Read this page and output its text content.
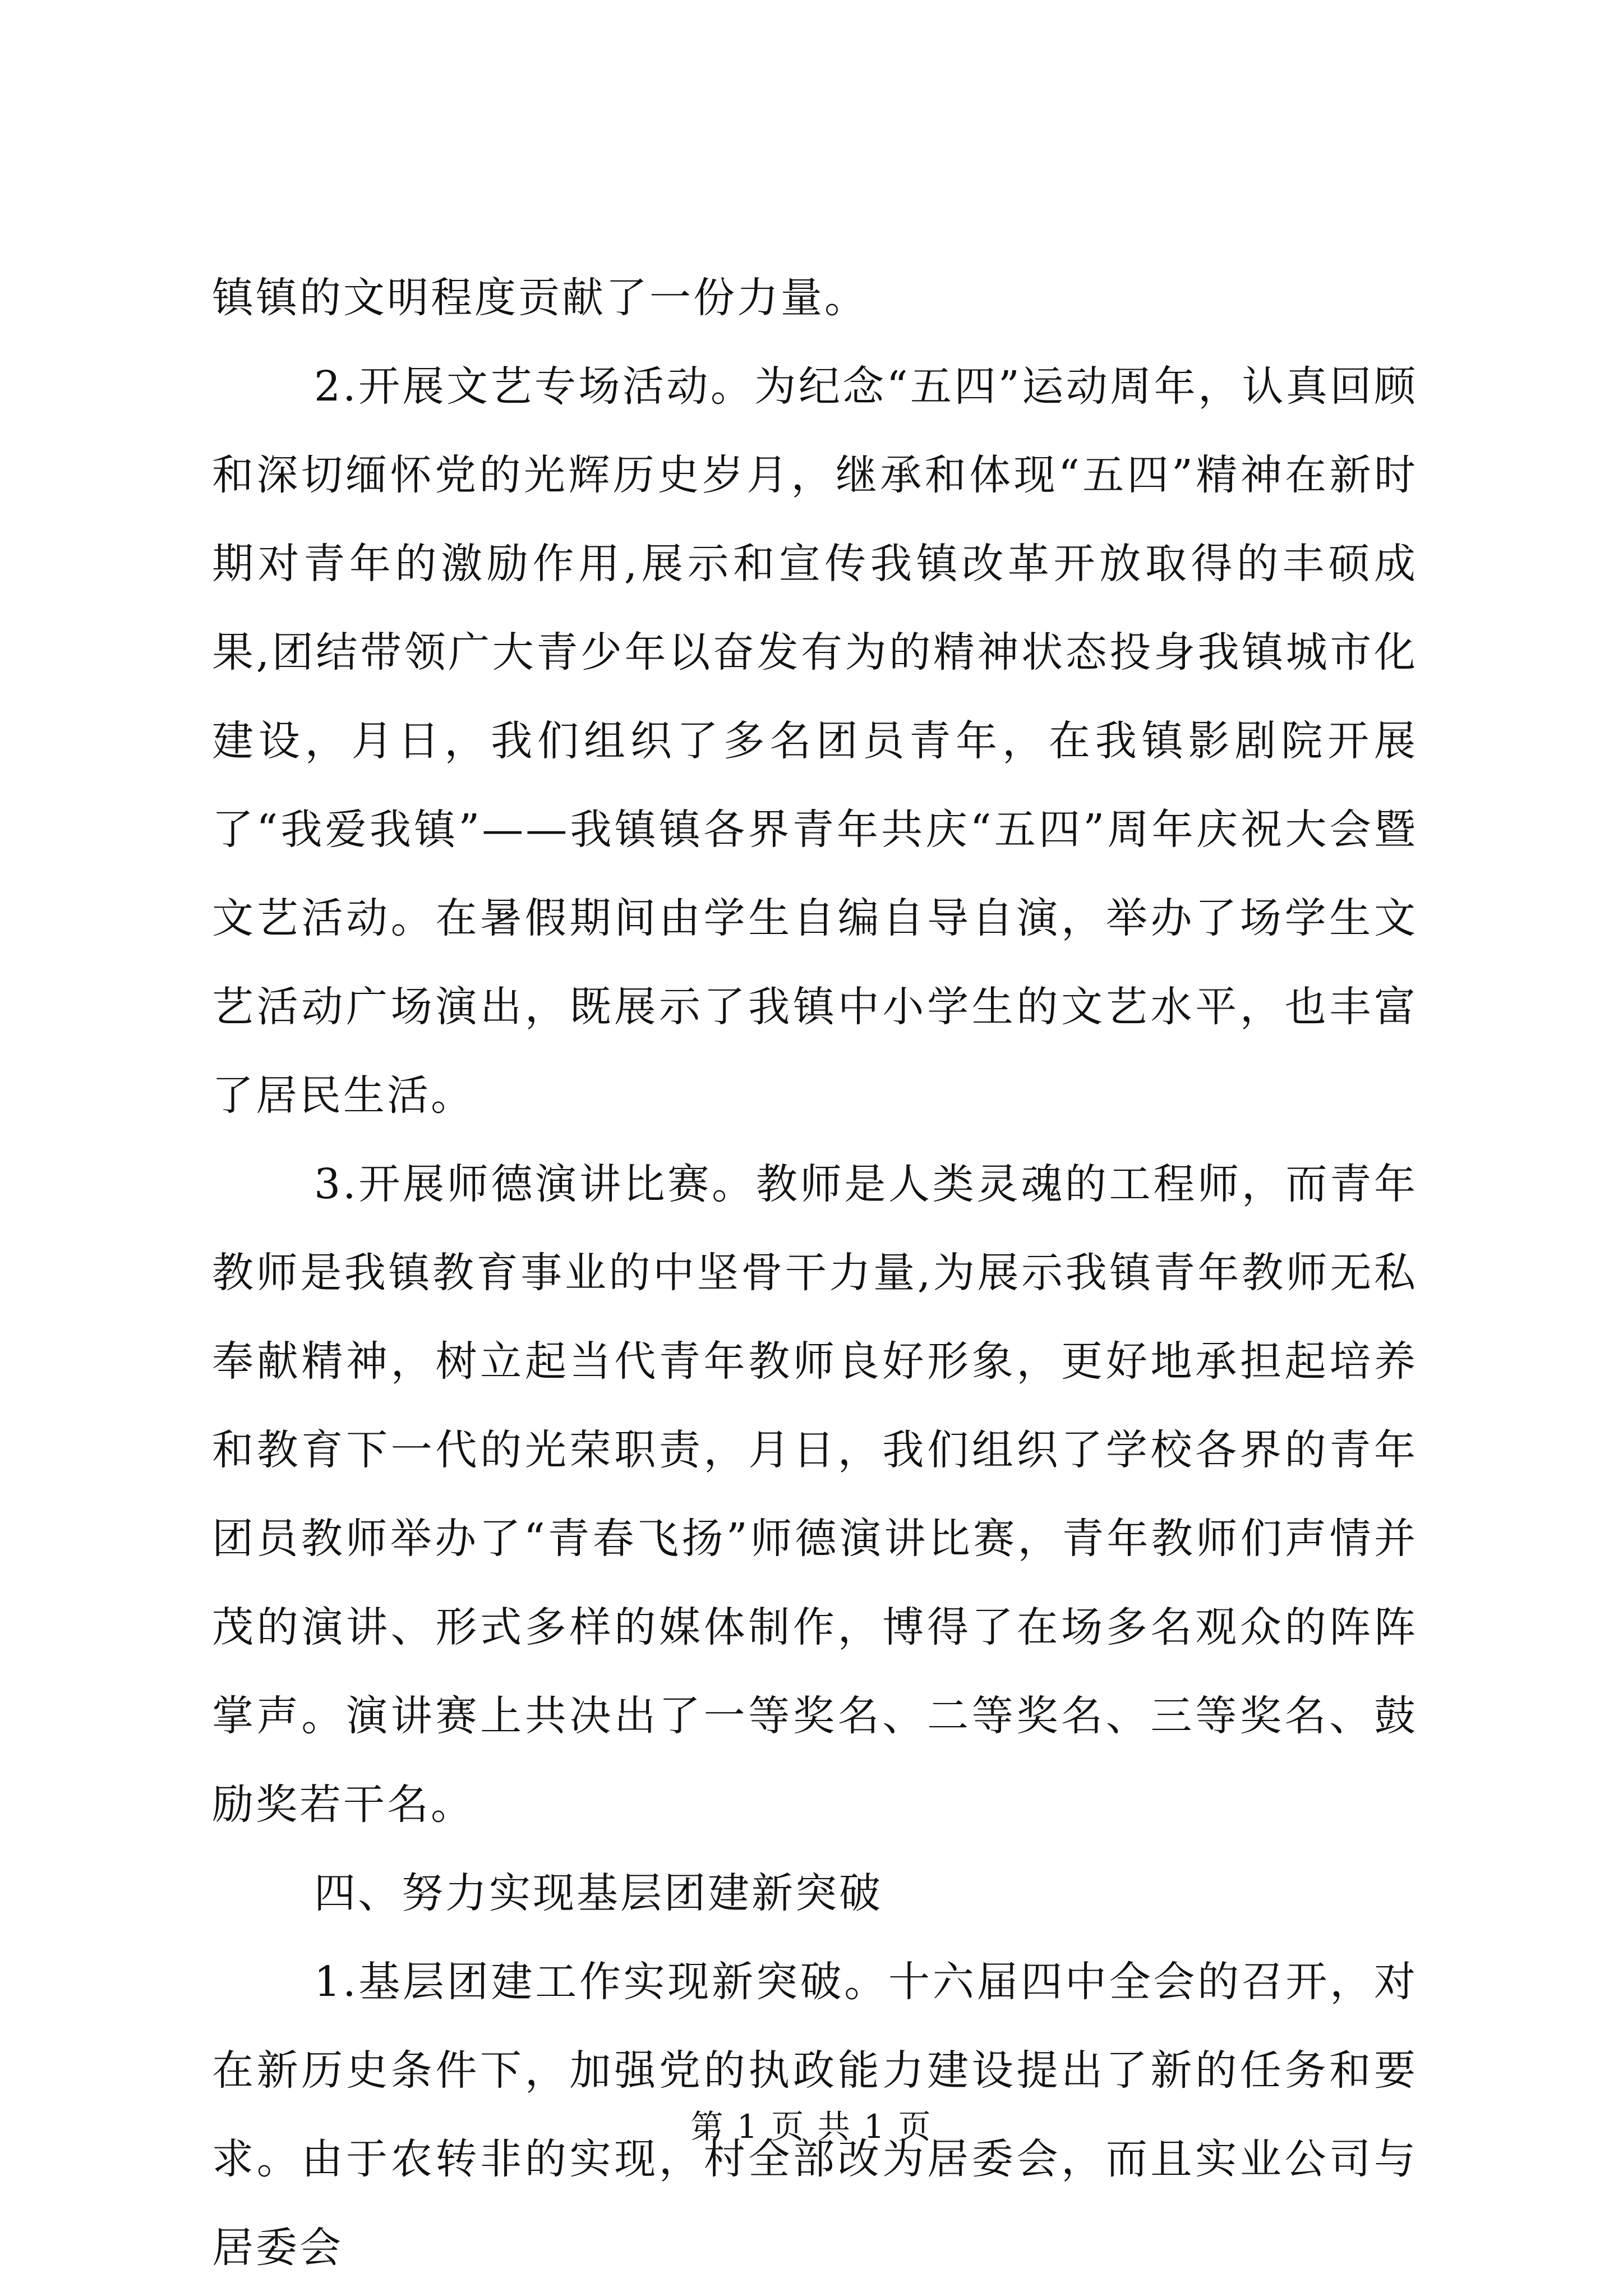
镇镇的文明程度贡献了一份力量。

2.开展文艺专场活动。为纪念“五四”运动周年，认真回顾和深切缅怀党的光辉历史岁月，继承和体现“五四”精神在新时期对青年的激励作用,展示和宣传我镇改革开放取得的丰硕成果,团结带领广大青少年以奋发有为的精神状态投身我镇城市化建设，月日，我们组织了多名团员青年，在我镇影剧院开展了“我爱我镇”——我镇镇各界青年共庆“五四”周年庆祝大会暨文艺活动。在暑假期间由学生自编自导自演，举办了场学生文艺活动广场演出，既展示了我镇中小学生的文艺水平，也丰富了居民生活。

3.开展师德演讲比赛。教师是人类灵魂的工程师，而青年教师是我镇教育事业的中坚骨干力量,为展示我镇青年教师无私奉献精神，树立起当代青年教师良好形象，更好地承担起培养和教育下一代的光荣职责，月日，我们组织了学校各界的青年团员教师举办了“青春飞扬”师德演讲比赛，青年教师们声情并茂的演讲、形式多样的媒体制作，博得了在场多名观众的阵阵掌声。演讲赛上共决出了一等奖名、二等奖名、三等奖名、鼓励奖若干名。

四、努力实现基层团建新突破

1.基层团建工作实现新突破。十六届四中全会的召开，对在新历史条件下，加强党的执政能力建设提出了新的任务和要求。由于农转非的实现，村全部改为居委会，而且实业公司与居委会

第 1 页 共 1 页
